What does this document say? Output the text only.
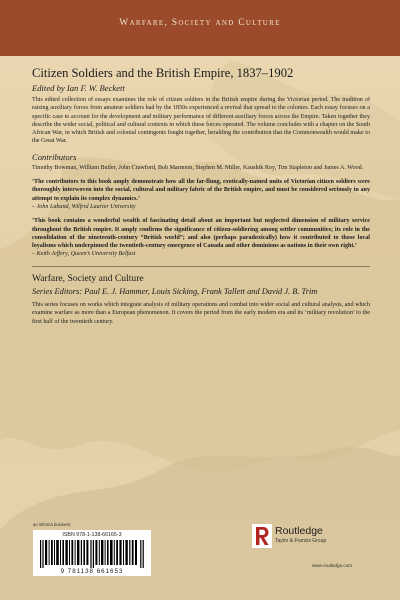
Warfare, Society and Culture
Citizen Soldiers and the British Empire, 1837–1902
Edited by Ian F. W. Beckett

This edited collection of essays examines the role of citizen soldiers in the British empire during the Victorian period. The tradition of raising auxiliary forces from amateur soldiers had by the 1850s experienced a revival that spread to the colonies. Each essay focuses on a specific case to account for the development and military performance of different auxiliary forces across the Empire. Taken together they describe the wider social, political and cultural contexts in which these forces operated. The volume concludes with a chapter on the South African War, in which British and colonial contingents fought together, heralding the contribution that the Commonwealth would make to the Great War.

Contributors

Timothy Bowman, William Butler, John Crawford, Bob Marmion, Stephen M. Miller, Kaushik Roy, Tim Stapleton and James A. Wood.

‘The contributors to this book amply demonstrate how all the far-flung, exotically-named units of Victorian citizen soldiers were thoroughly interwoven into the social, cultural and military fabric of the British empire, and must be considered seriously in any attempt to explain its complex dynamics.’

– John Laband, Wilfrid Laurier University

‘This book contains a wonderful wealth of fascinating detail about an important but neglected dimension of military service throughout the British empire. It amply confirms the significance of citizen-soldiering among settler communities; its role in the consolidation of the nineteenth-century “British world”; and also (perhaps paradoxically) how it contributed to those local loyalisms which underpinned the twentieth-century emergence of Canada and other dominions as nations in their own right.’

– Keith Jeffery, Queen’s University Belfast

Warfare, Society and Culture
Series Editors: Paul E. J. Hammer, Louis Sicking, Frank Tallett and David J. B. Trim

This series focuses on works which integrate analysis of military operations and combat into wider social and cultural analysis, and which examine warfare as more than a European phenomenon. It covers the period from the early modern era and its ‘military revolution’ to the first half of the twentieth century.

an informa business
ISBN 978-1-138-66165-3
9 781138 661653
Routledge
Taylor & Francis Group
www.routledge.com
